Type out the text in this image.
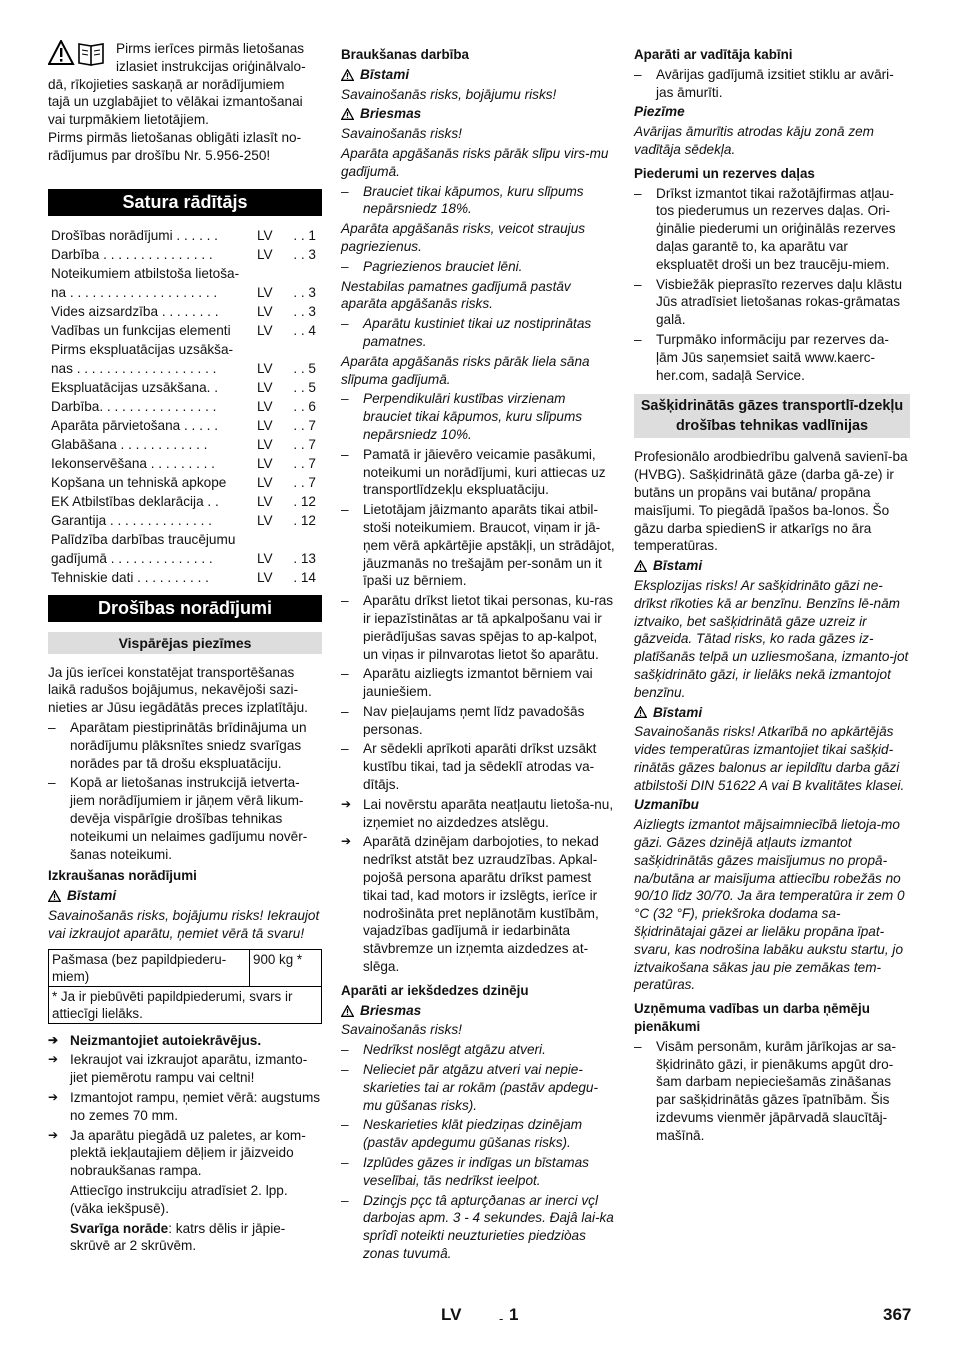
Pirms ierīces pirmās lietošanas

izlasiet instrukcijas oriģinālvalo-

dā, rīkojieties saskaņā ar norādījumiem

tajā un uzglabājiet to vēlākai izmantošanai

vai turpmākiem lietotājiem.

Pirms pirmās lietošanas obligāti izlasīt no-rādījumus par drošību Nr. 5.956-250!

Satura rādītājs
Drošības norādījumi . . . . . .	LV	. . 1
Darbība . . . . . . . . . . . . . . .	LV	. . 3
Noteikumiem atbilstoša lietoša-		
na . . . . . . . . . . . . . . . . . . . .	LV	. . 3
Vides aizsardzība . . . . . . . .	LV	. . 3
Vadības un funkcijas elementi	LV	. . 4
Pirms ekspluatācijas uzsākša-		
nas . . . . . . . . . . . . . . . . . . .	LV	. . 5
Ekspluatācijas uzsākšana. .	LV	. . 5
Darbība. . . . . . . . . . . . . . . .	LV	. . 6
Aparāta pārvietošana . . . . .	LV	. . 7
Glabāšana . . . . . . . . . . . .	LV	. . 7
Iekonservēšana . . . . . . . . .	LV	. . 7
Kopšana un tehniskā apkope	LV	. . 7
EK Atbilstības deklarācija . .	LV	. 12
Garantija . . . . . . . . . . . . . .	LV	. 12
Palīdzība darbības traucējumu		
gadījumā . . . . . . . . . . . . . .	LV	. 13
Tehniskie dati . . . . . . . . . .	LV	. 14
Drošības norādījumi
Vispārējas piezīmes

Ja jūs ierīcei konstatējat transportēšanas laikā radušos bojājumus, nekavējoši sazi-nieties ar Jūsu iegādātās preces izplatītāju.

– Aparātam piestiprinātās brīdinājuma un norādījumu plāksnītes sniedz svarīgas norādes par tā drošu ekspluatāciju.
– Kopā ar lietošanas instrukcijā ietverta-jiem norādījumiem ir jāņem vērā likum-devēja vispārīgie drošības tehnikas noteikumi un nelaimes gadījumu novēr-šanas noteikumi.

Izkraušanas norādījumi

Bīstami

Savainošanās risks, bojājumu risks! Iekraujot vai izkraujot aparātu, ņemiet vērā tā svaru!

Pašmasa (bez papildpiederu-miem)	900 kg *
* Ja ir piebūvēti papildpiederumi, svars ir attiecīgi lielāks.
➔ Neizmantojiet autoiekrāvējus.
➔ Iekraujot vai izkraujot aparātu, izmanto-jiet piemērotu rampu vai celtni!
➔ Izmantojot rampu, ņemiet vērā: augstums no zemes 70 mm.
➔ Ja aparātu piegādā uz paletes, ar kom-plektā iekļautajiem dēļiem ir jāizveido nobraukšanas rampa.

Attiecīgo instrukciju atradīsiet 2. lpp. (vāka iekšpusē).

Svarīga norāde: katrs dēlis ir jāpie-skrūvē ar 2 skrūvēm.

Braukšanas darbība

Bīstami

Savainošanās risks, bojājumu risks!

Briesmas

Savainošanās risks!

Aparāta apgāšanās risks pārāk slīpu virs-mu gadījumā.

– Brauciet tikai kāpumos, kuru slīpums nepārsniedz 18%.

Aparāta apgāšanās risks, veicot straujus pagriezienus.

– Pagriezienos brauciet lēni.

Nestabilas pamatnes gadījumā pastāv aparāta apgāšanās risks.

– Aparātu kustiniet tikai uz nostiprinātas pamatnes.

Aparāta apgāšanās risks pārāk liela sāna slīpuma gadījumā.

– Perpendikulāri kustības virzienam brauciet tikai kāpumos, kuru slīpums nepārsniedz 10%.
– Pamatā ir jāievēro veicamie pasākumi, noteikumi un norādījumi, kuri attiecas uz transportlīdzekļu ekspluatāciju.
– Lietotājam jāizmanto aparāts tikai atbil-stoši noteikumiem. Braucot, viņam ir jā-ņem vērā apkārtējie apstākļi, un strādājot, jāuzmanās no trešajām per-sonām un it īpaši uz bērniem.
– Aparātu drīkst lietot tikai personas, ku-ras ir iepazīstinātas ar tā apkalpošanu vai ir pierādījušas savas spējas to ap-kalpot, un viņas ir pilnvarotas lietot šo aparātu.
– Aparātu aizliegts izmantot bērniem vai jauniešiem.
– Nav pieļaujams ņemt līdz pavadošās personas.
– Ar sēdekli aprīkoti aparāti drīkst uzsākt kustību tikai, tad ja sēdeklī atrodas va-dītājs.
➔ Lai novērstu aparāta neatļautu lietoša-nu, izņemiet no aizdedzes atslēgu.
➔ Aparātā dzinējam darbojoties, to nekad nedrīkst atstāt bez uzraudzības. Apkal-pojošā persona aparātu drīkst pamest tikai tad, kad motors ir izslēgts, ierīce ir nodrošināta pret neplānotām kustībām, vajadzības gadījumā ir iedarbināta stāvbremze un izņemta aizdedzes at-slēga.

Aparāti ar iekšdedzes dzinēju

Briesmas

Savainošanās risks!

– Nedrīkst noslēgt atgāzu atveri.
– Nelieciet pār atgāzu atveri vai nepie-skarieties tai ar rokām (pastāv apdegu-mu gūšanas risks).
– Neskarieties klāt piedziņas dzinējam (pastāv apdegumu gūšanas risks).
– Izplūdes gāzes ir indīgas un bīstamas veselībai, tās nedrīkst ieelpot.
– Dzinçjs pçc tâ apturçðanas ar inerci vçl darbojas apm. 3 - 4 sekundes. Ðajâ lai-ka sprîdî noteikti neuzturieties piedziòas zonas tuvumâ.

Aparāti ar vadītāja kabīni

– Avārijas gadījumā izsitiet stiklu ar avāri-jas āmurīti.

Piezīme

Avārijas āmurītis atrodas kāju zonā zem vadītāja sēdekļa.

Piederumi un rezerves daļas

– Drīkst izmantot tikai ražotājfirmas atļau-tos piederumus un rezerves daļas. Ori-ģinālie piederumi un oriģinālās rezerves daļas garantē to, ka aparātu var ekspluatēt droši un bez traucēju-miem.
– Visbiežāk pieprasīto rezerves daļu klāstu Jūs atradīsiet lietošanas rokas-grāmatas galā.
– Turpmāko informāciju par rezerves da-ļām Jūs saņemsiet saitā www.kaerc-her.com, sadaļā Service.
Sašķidrinātās gāzes transportlī-dzekļu drošības tehnikas vadlīnijas

Profesionālo arodbiedrību galvenā savienī-ba (HVBG). Sašķidrinātā gāze (darba gā-ze) ir butāns un propāns vai butāna/ propāna maisījumi. To piegādā īpašos ba-lonos. Šo gāzu darba spiedienS ir atkarīgs no āra temperatūras.

Bīstami

Eksplozijas risks! Ar sašķidrināto gāzi ne-drīkst rīkoties kā ar benzīnu. Benzīns lē-nām iztvaiko, bet sašķidrinātā gāze uzreiz ir gāzveida. Tātad risks, ko rada gāzes iz-platīšanās telpā un uzliesmošana, izmanto-jot sašķidrināto gāzi, ir lielāks nekā izmantojot benzīnu.

Bīstami

Savainošanās risks! Atkarībā no apkārtējās vides temperatūras izmantojiet tikai sašķid-rinātās gāzes balonus ar iepildītu darba gāzi atbilstoši DIN 51622 A vai B kvalitātes klasei.

Uzmanību

Aizliegts izmantot mājsaimniecībā lietoja-mo gāzi. Gāzes dzinējā atļauts izmantot sašķidrinātās gāzes maisījumus no propā-na/butāna ar maisījuma attiecību robežās no 90/10 līdz 30/70. Ja āra temperatūra ir zem 0 °C (32 °F), priekšroka dodama sa-šķidrinātajai gāzei ar lielāku propāna īpat-svaru, kas nodrošina labāku aukstu startu, jo iztvaikošana sākas jau pie zemākas tem-peratūras.

Uzņēmuma vadības un darba ņēmēju pienākumi

– Visām personām, kurām jārīkojas ar sa-šķidrināto gāzi, ir pienākums apgūt dro-šam darbam nepieciešamās zināšanas par sašķidrinātās gāzes īpatnībām. Šis izdevums vienmēr jāpārvadā slaucītāj-mašīnā.
LV	- 1	367
